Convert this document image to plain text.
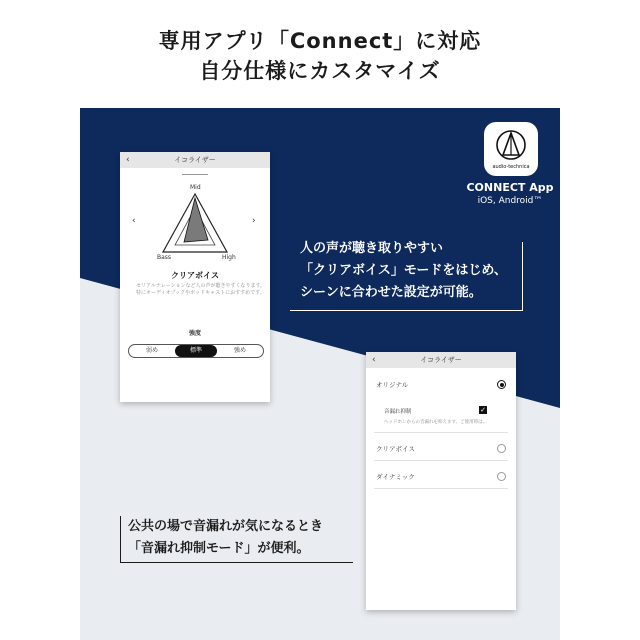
専用アプリ「Connect」に対応
自分仕様にカスタマイズ
audio-technica
CONNECT App
iOS, Android™
人の声が聴き取りやすい
「クリアボイス」モードをはじめ、
シーンに合わせた設定が可能。
‹	イコライザー
Mid
Bass	High
‹	›
クリアボイス
セリアルナレーションなど人の声が聴きやすくなります。
特にオーディオブックやポッドキャストにおすすめです。
強度
弱め	標準	強め
‹	イコライザー
オリジナル
音漏れ抑制	✓
ヘッドホンからの音漏れを抑えます。ご使用時は...
クリアボイス
ダイナミック
公共の場で音漏れが気になるとき
「音漏れ抑制モード」が便利。
